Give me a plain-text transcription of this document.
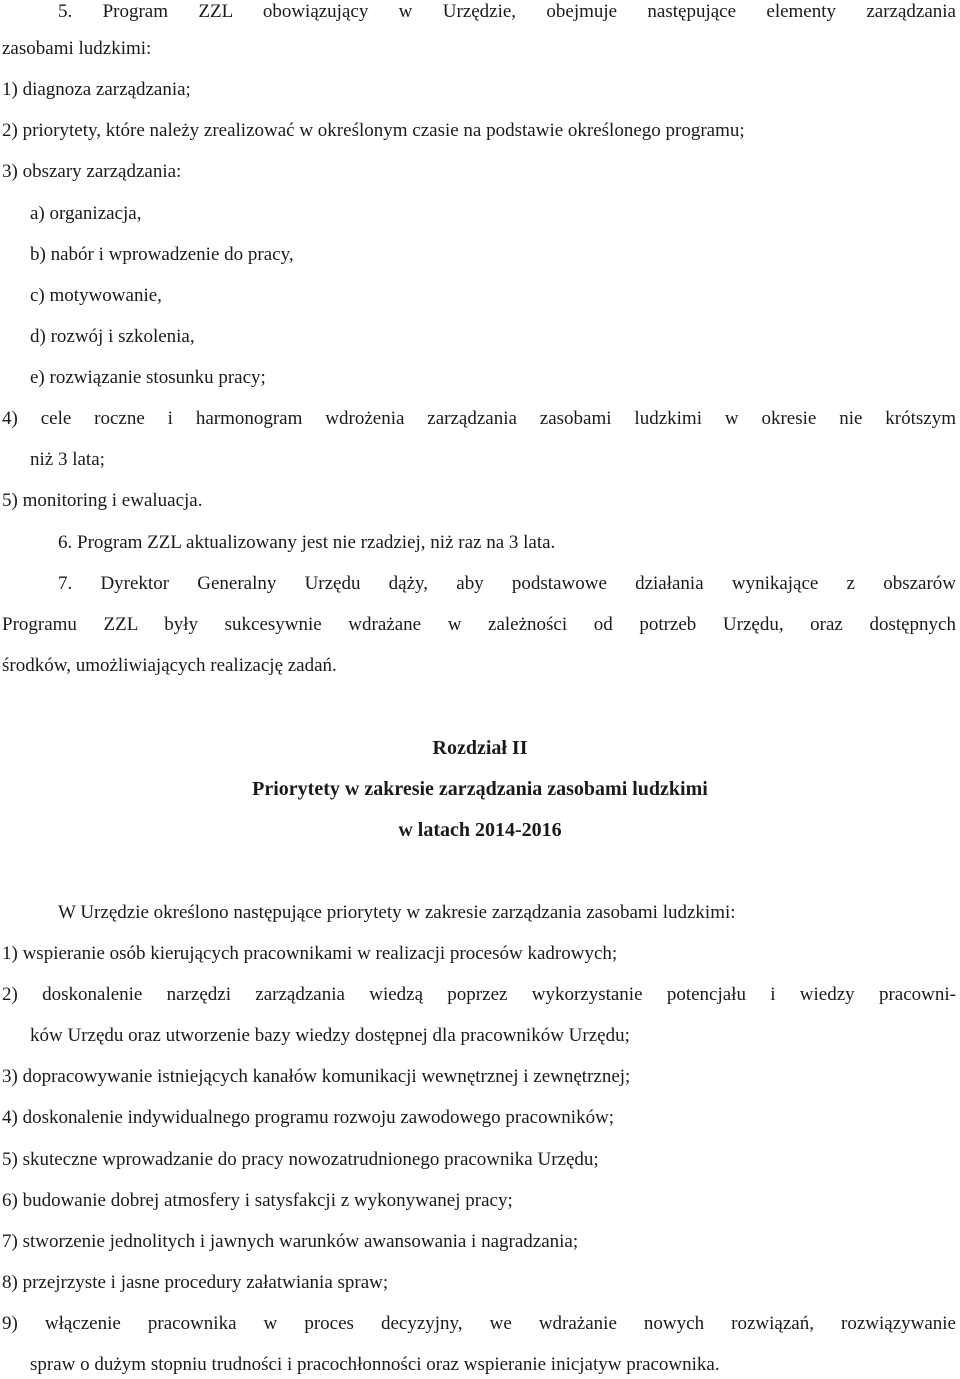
5. Program ZZL obowiązujący w Urzędzie, obejmuje następujące elementy zarządzania
zasobami ludzkimi:
1) diagnoza zarządzania;
2) priorytety, które należy zrealizować w określonym czasie na podstawie określonego programu;
3) obszary zarządzania:
a) organizacja,
b) nabór i wprowadzenie do pracy,
c) motywowanie,
d) rozwój i szkolenia,
e) rozwiązanie stosunku pracy;
4) cele roczne i harmonogram wdrożenia zarządzania zasobami ludzkimi w okresie nie krótszym
niż 3 lata;
5) monitoring i ewaluacja.
6. Program ZZL aktualizowany jest nie rzadziej, niż raz na 3 lata.
7. Dyrektor Generalny Urzędu dąży, aby podstawowe działania wynikające z obszarów
Programu ZZL były sukcesywnie wdrażane w zależności od potrzeb Urzędu, oraz dostępnych
środków, umożliwiających realizację zadań.
Rozdział II
Priorytety w zakresie zarządzania zasobami ludzkimi
w latach 2014-2016
W Urzędzie określono następujące priorytety w zakresie zarządzania zasobami ludzkimi:
1) wspieranie osób kierujących pracownikami w realizacji procesów kadrowych;
2) doskonalenie narzędzi zarządzania wiedzą poprzez wykorzystanie potencjału i wiedzy pracowni-
ków Urzędu oraz utworzenie bazy wiedzy dostępnej dla pracowników Urzędu;
3) dopracowywanie istniejących kanałów komunikacji wewnętrznej i zewnętrznej;
4) doskonalenie indywidualnego programu rozwoju zawodowego pracowników;
5) skuteczne wprowadzanie do pracy nowozatrudnionego pracownika Urzędu;
6) budowanie dobrej atmosfery i satysfakcji z wykonywanej pracy;
7) stworzenie jednolitych i jawnych warunków awansowania i nagradzania;
8) przejrzyste i jasne procedury załatwiania spraw;
9) włączenie pracownika w proces decyzyjny, we wdrażanie nowych rozwiązań, rozwiązywanie
spraw o dużym stopniu trudności i pracochłonności oraz wspieranie inicjatyw pracownika.
